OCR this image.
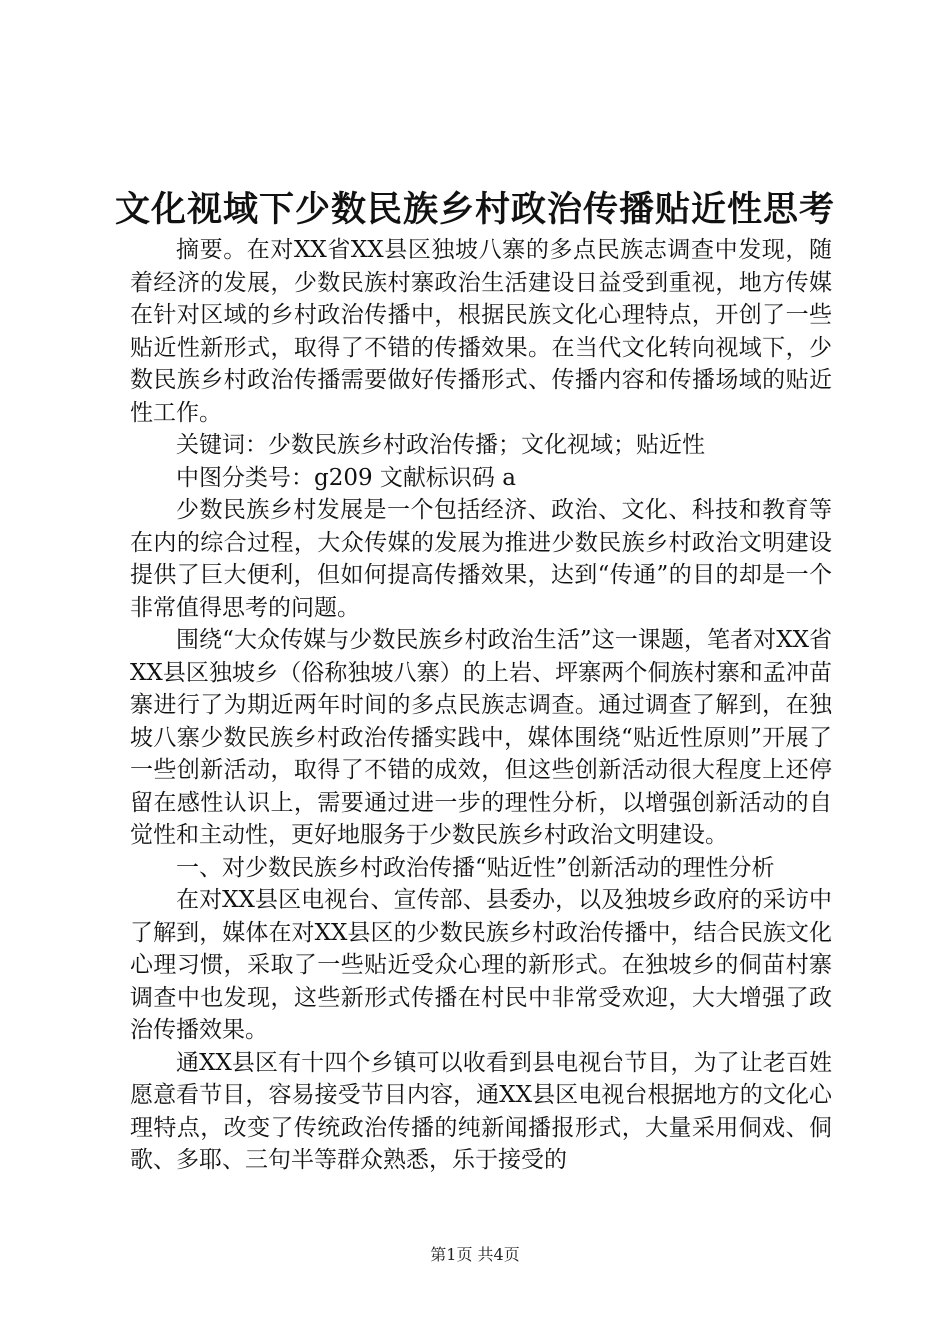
文化视域下少数民族乡村政治传播贴近性思考

摘要。在对XX省XX县区独坡八寨的多点民族志调查中发现，随着经济的发展，少数民族村寨政治生活建设日益受到重视，地方传媒在针对区域的乡村政治传播中，根据民族文化心理特点，开创了一些贴近性新形式，取得了不错的传播效果。在当代文化转向视域下，少数民族乡村政治传播需要做好传播形式、传播内容和传播场域的贴近性工作。

关键词：少数民族乡村政治传播；文化视域；贴近性

中图分类号：g209 文献标识码 a

少数民族乡村发展是一个包括经济、政治、文化、科技和教育等在内的综合过程，大众传媒的发展为推进少数民族乡村政治文明建设提供了巨大便利，但如何提高传播效果，达到“传通”的目的却是一个非常值得思考的问题。

围绕“大众传媒与少数民族乡村政治生活”这一课题，笔者对XX省XX县区独坡乡（俗称独坡八寨）的上岩、坪寨两个侗族村寨和孟冲苗寨进行了为期近两年时间的多点民族志调查。通过调查了解到，在独坡八寨少数民族乡村政治传播实践中，媒体围绕“贴近性原则”开展了一些创新活动，取得了不错的成效，但这些创新活动很大程度上还停留在感性认识上，需要通过进一步的理性分析，以增强创新活动的自觉性和主动性，更好地服务于少数民族乡村政治文明建设。

一、对少数民族乡村政治传播“贴近性”创新活动的理性分析

在对XX县区电视台、宣传部、县委办，以及独坡乡政府的采访中了解到，媒体在对XX县区的少数民族乡村政治传播中，结合民族文化心理习惯，采取了一些贴近受众心理的新形式。在独坡乡的侗苗村寨调查中也发现，这些新形式传播在村民中非常受欢迎，大大增强了政治传播效果。

通XX县区有十四个乡镇可以收看到县电视台节目，为了让老百姓愿意看节目，容易接受节目内容，通XX县区电视台根据地方的文化心理特点，改变了传统政治传播的纯新闻播报形式，大量采用侗戏、侗歌、多耶、三句半等群众熟悉，乐于接受的

第1页 共4页
